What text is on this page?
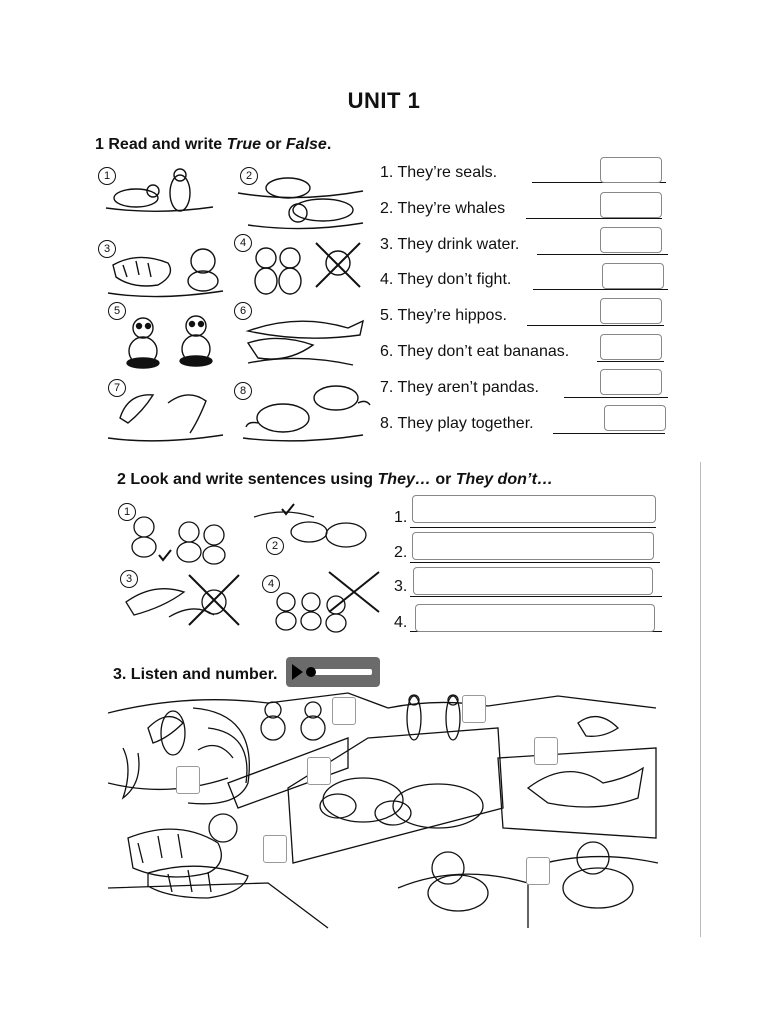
UNIT 1
1 Read and write True or False.
1	2
3	4
5	6
7	8
1. They’re seals.
2. They’re whales
3. They drink water.
4. They don’t fight.
5. They’re hippos.
6. They don’t eat bananas.
7. They aren’t pandas.
8. They play together.
2 Look and write sentences using They… or They don’t…
1
2
3	4
1.
2.
3.
4.
3. Listen and number.
